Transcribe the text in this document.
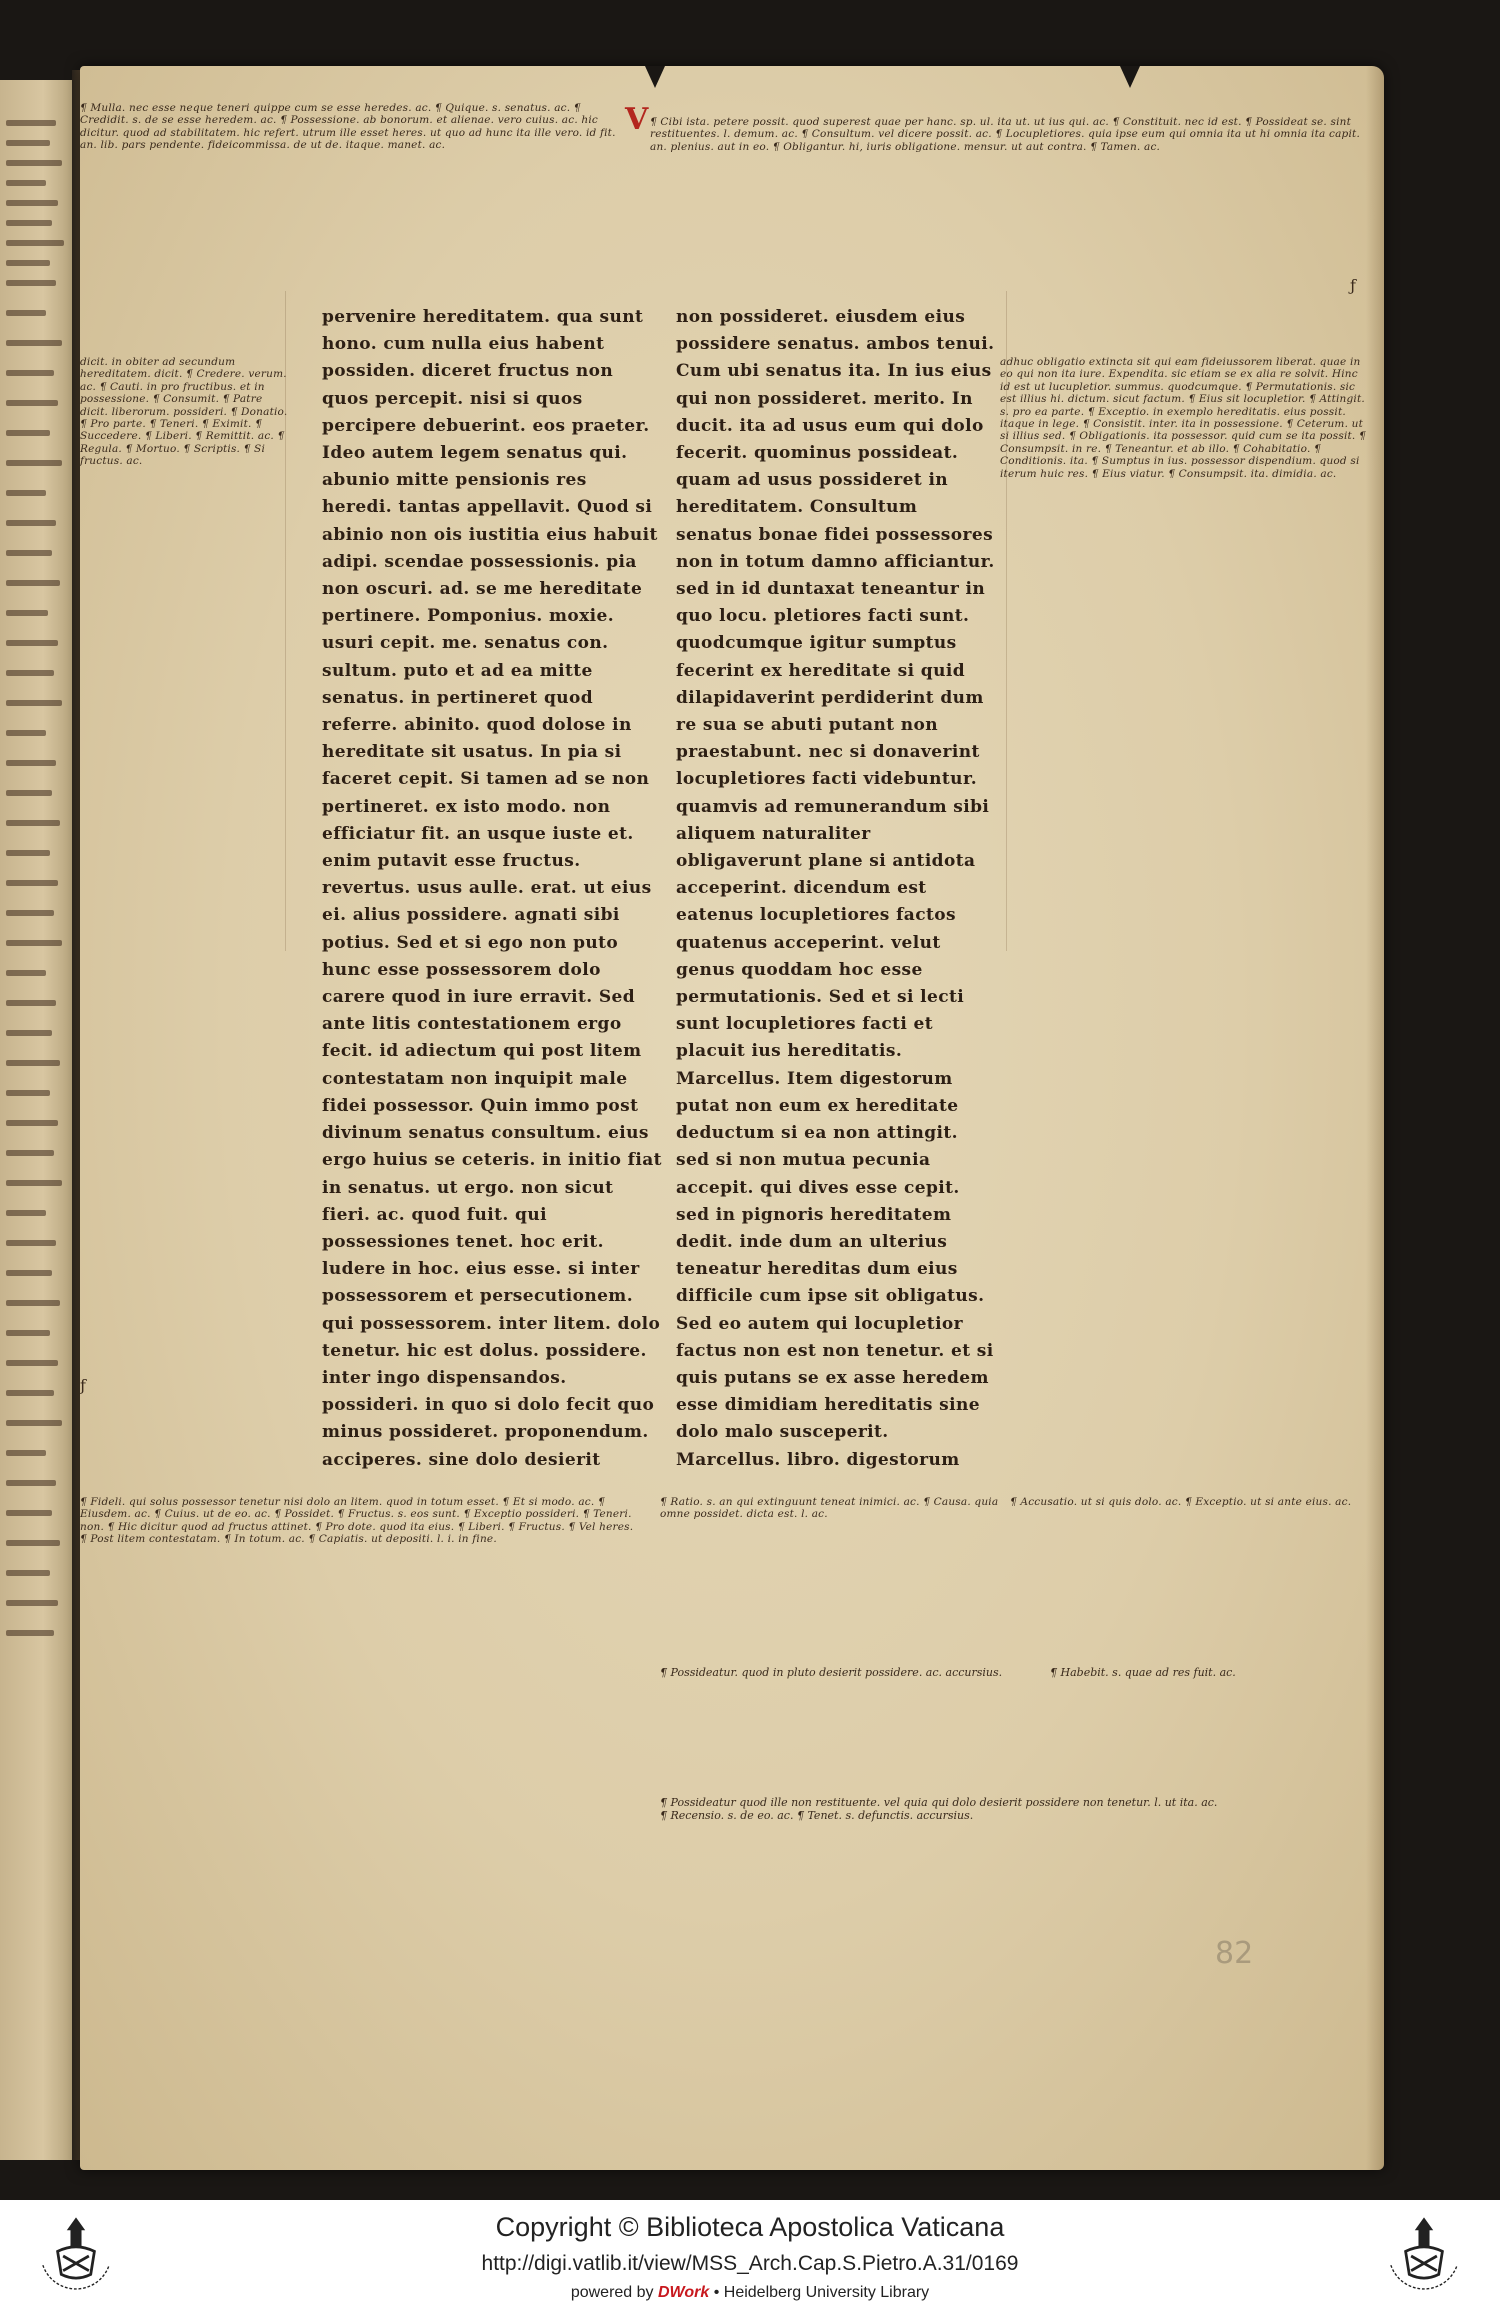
V
¶ Mulla. nec esse neque teneri quippe cum se esse heredes. ac. ¶ Quique. s. senatus. ac. ¶ Credidit. s. de se esse heredem. ac. ¶ Possessione. ab bonorum. et alienae. vero cuius. ac. hic dicitur. quod ad stabilitatem. hic refert. utrum ille esset heres. ut quo ad hunc ita ille vero. id fit. an. lib. pars pendente. fideicommissa. de ut de. itaque. manet. ac.
¶ Cibi ista. petere possit. quod superest quae per hanc. sp. ul. ita ut. ut ius qui. ac. ¶ Constituit. nec id est. ¶ Possideat se. sint restituentes. l. demum. ac. ¶ Consultum. vel dicere possit. ac. ¶ Locupletiores. quia ipse eum qui omnia ita ut hi omnia ita capit. an. plenius. aut in eo. ¶ Obligantur. hi, iuris obligatione. mensur. ut aut contra. ¶ Tamen. ac.
dicit. in obiter ad secundum hereditatem. dicit. ¶ Credere. verum. ac. ¶ Cauti. in pro fructibus. et in possessione. ¶ Consumit. ¶ Patre dicit. liberorum. possideri. ¶ Donatio. ¶ Pro parte. ¶ Teneri. ¶ Eximit. ¶ Succedere. ¶ Liberi. ¶ Remittit. ac. ¶ Regula. ¶ Mortuo. ¶ Scriptis. ¶ Si fructus. ac.
adhuc obligatio extincta sit qui eam fideiussorem liberat. quae in eo qui non ita iure. Expendita. sic etiam se ex alia re solvit. Hinc id est ut lucupletior. summus. quodcumque. ¶ Permutationis. sic est illius hi. dictum. sicut factum. ¶ Eius sit locupletior. ¶ Attingit. s. pro ea parte. ¶ Exceptio. in exemplo hereditatis. eius possit. itaque in lege. ¶ Consistit. inter. ita in possessione. ¶ Ceterum. ut si illius sed. ¶ Obligationis. ita possessor. quid cum se ita possit. ¶ Consumpsit. in re. ¶ Teneantur. et ab illo. ¶ Cohabitatio. ¶ Conditionis. ita. ¶ Sumptus in ius. possessor dispendium. quod si iterum huic res. ¶ Eius viatur. ¶ Consumpsit. ita. dimidia. ac.
pervenire hereditatem. qua sunt hono. cum nulla eius habent possiden. diceret fructus non quos percepit. nisi si quos percipere debuerint. eos praeter. Ideo autem legem senatus qui. abunio mitte pensionis res heredi. tantas appellavit. Quod si abinio non ois iustitia eius habuit adipi. scendae possessionis. pia non oscuri. ad. se me hereditate pertinere. Pomponius. moxie. usuri cepit. me. senatus con. sultum. puto et ad ea mitte senatus. in pertineret quod referre. abinito. quod dolose in hereditate sit usatus. In pia si faceret cepit. Si tamen ad se non pertineret. ex isto modo. non efficiatur fit. an usque iuste et. enim putavit esse fructus. revertus. usus aulle. erat. ut eius ei. alius possidere. agnati sibi potius. Sed et si ego non puto hunc esse possessorem dolo carere quod in iure erravit. Sed ante litis contestationem ergo fecit. id adiectum qui post litem contestatam non inquipit male fidei possessor. Quin immo post divinum senatus consultum. eius ergo huius se ceteris. in initio fiat in senatus. ut ergo. non sicut fieri. ac. quod fuit. qui possessiones tenet. hoc erit. ludere in hoc. eius esse. si inter possessorem et persecutionem. qui possessorem. inter litem. dolo tenetur. hic est dolus. possidere. inter ingo dispensandos. possideri. in quo si dolo fecit quo minus possideret. proponendum. acciperes. sine dolo desierit
non possideret. eiusdem eius possidere senatus. ambos tenui. Cum ubi senatus ita. In ius eius qui non possideret. merito. In ducit. ita ad usus eum qui dolo fecerit. quominus possideat. quam ad usus possideret in hereditatem. Consultum senatus bonae fidei possessores non in totum damno afficiantur. sed in id duntaxat teneantur in quo locu. pletiores facti sunt. quodcumque igitur sumptus fecerint ex hereditate si quid dilapidaverint perdiderint dum re sua se abuti putant non praestabunt. nec si donaverint locupletiores facti videbuntur. quamvis ad remunerandum sibi aliquem naturaliter obligaverunt plane si antidota acceperint. dicendum est eatenus locupletiores factos quatenus acceperint. velut genus quoddam hoc esse permutationis. Sed et si lecti sunt locupletiores facti et placuit ius hereditatis. Marcellus. Item digestorum putat non eum ex hereditate deductum si ea non attingit. sed si non mutua pecunia accepit. qui dives esse cepit. sed in pignoris hereditatem dedit. inde dum an ulterius teneatur hereditas dum eius difficile cum ipse sit obligatus. Sed eo autem qui locupletior factus non est non tenetur. et si quis putans se ex asse heredem esse dimidiam hereditatis sine dolo malo susceperit. Marcellus. libro. digestorum
¶ Fideli. qui solus possessor tenetur nisi dolo an litem. quod in totum esset. ¶ Et si modo. ac. ¶ Eiusdem. ac. ¶ Cuius. ut de eo. ac. ¶ Possidet. ¶ Fructus. s. eos sunt. ¶ Exceptio possideri. ¶ Teneri. non. ¶ Hic dicitur quod ad fructus attinet. ¶ Pro dote. quod ita eius. ¶ Liberi. ¶ Fructus. ¶ Vel heres. ¶ Post litem contestatam. ¶ In totum. ac. ¶ Capiatis. ut depositi. l. i. in fine.
¶ Ratio. s. an qui extinguunt teneat inimici. ac. ¶ Causa. quia omne possidet. dicta est. l. ac.
¶ Accusatio. ut si quis dolo. ac. ¶ Exceptio. ut si ante eius. ac.
¶ Possideatur. quod in pluto desierit possidere. ac. accursius.	¶ Habebit. s. quae ad res fuit. ac.
¶ Possideatur quod ille non restituente. vel quia qui dolo desierit possidere non tenetur. l. ut ita. ac. ¶ Recensio. s. de eo. ac. ¶ Tenet. s. defunctis. accursius.
ƒ
ƒ
82
Copyright © Biblioteca Apostolica Vaticana
http://digi.vatlib.it/view/MSS_Arch.Cap.S.Pietro.A.31/0169
powered by DWork • Heidelberg University Library
